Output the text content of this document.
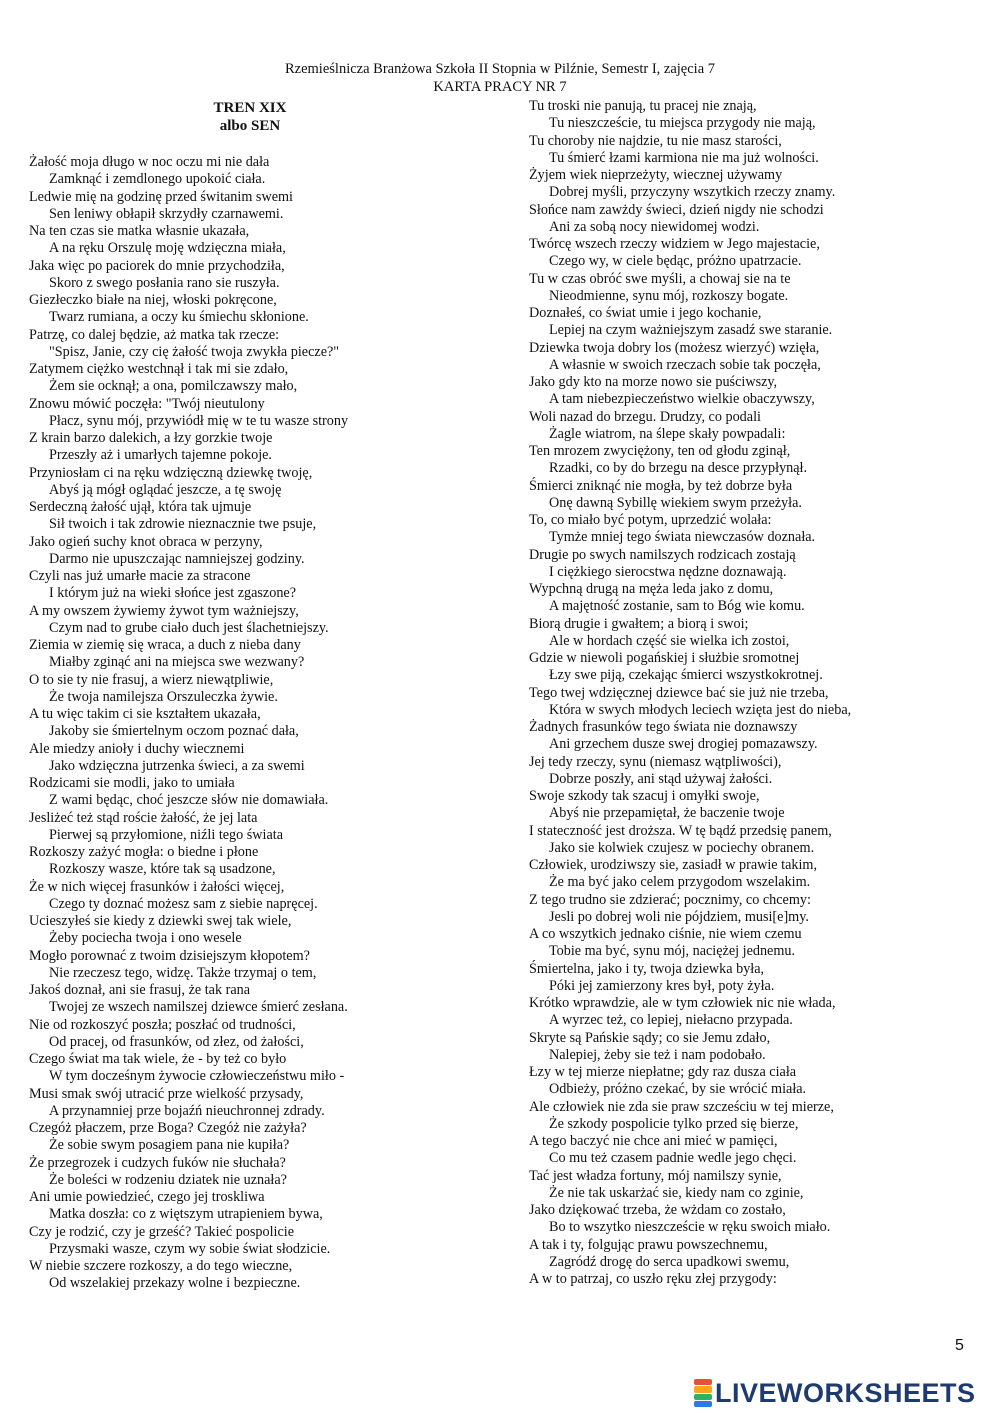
Rzemieślnicza Branżowa Szkoła II Stopnia w Pilźnie, Semestr I, zajęcia 7
KARTA PRACY NR 7
TREN XIX
albo SEN
Żałość moja długo w noc oczu mi nie dała
Zamknąć i zemdlonego upokoić ciała.
Ledwie mię na godzinę przed świtanim swemi
Sen leniwy obłapił skrzydły czarnawemi.
Na ten czas sie matka własnie ukazała,
A na ręku Orszulę moję wdzięczna miała,
Jaka więc po paciorek do mnie przychodziła,
Skoro z swego posłania rano sie ruszyła.
Giezłeczko białe na niej, włoski pokręcone,
Twarz rumiana, a oczy ku śmiechu skłonione.
Patrzę, co dalej będzie, aż matka tak rzecze:
"Spisz, Janie, czy cię żałość twoja zwykła piecze?"
Zatymem ciężko westchnął i tak mi sie zdało,
Żem sie ocknął; a ona, pomilczawszy mało,
Znowu mówić poczęła: "Twój nieutulony
Płacz, synu mój, przywiódł mię w te tu wasze strony
Z krain barzo dalekich, a łzy gorzkie twoje
Przeszły aż i umarłych tajemne pokoje.
Przyniosłam ci na ręku wdzięczną dziewkę twoję,
Abyś ją mógł oglądać jeszcze, a tę swoję
Serdeczną żałość ujął, która tak ujmuje
Sił twoich i tak zdrowie nieznacznie twe psuje,
Jako ogień suchy knot obraca w perzyny,
Darmo nie upuszczając namniejszej godziny.
Czyli nas już umarłe macie za stracone
I którym już na wieki słońce jest zgaszone?
A my owszem żywiemy żywot tym ważniejszy,
Czym nad to grube ciało duch jest ślachetniejszy.
Ziemia w ziemię się wraca, a duch z nieba dany
Miałby zginąć ani na miejsca swe wezwany?
O to sie ty nie frasuj, a wierz niewątpliwie,
Że twoja namilejsza Orszuleczka żywie.
A tu więc takim ci sie kształtem ukazała,
Jakoby sie śmiertelnym oczom poznać dała,
Ale miedzy anioły i duchy wiecznemi
Jako wdzięczna jutrzenka świeci, a za swemi
Rodzicami sie modli, jako to umiała
Z wami będąc, choć jeszcze słów nie domawiała.
Jesliżeć też stąd roście żałość, że jej lata
Pierwej są przyłomione, niźli tego świata
Rozkoszy zażyć mogła: o biedne i płone
Rozkoszy wasze, które tak są usadzone,
Że w nich więcej frasunków i żałości więcej,
Czego ty doznać możesz sam z siebie napręcej.
Ucieszyłeś sie kiedy z dziewki swej tak wiele,
Żeby pociecha twoja i ono wesele
Mogło porownać z twoim dzisiejszym kłopotem?
Nie rzeczesz tego, widzę. Także trzymaj o tem,
Jakoś doznał, ani sie frasuj, że tak rana
Twojej ze wszech namilszej dziewce śmierć zesłana.
Nie od rozkoszyć poszła; poszłać od trudności,
Od pracej, od frasunków, od złez, od żałości,
Czego świat ma tak wiele, że - by też co było
W tym docześnym żywocie człowieczeństwu miło -
Musi smak swój utracić prze wielkość przysady,
A przynamniej prze bojaźń nieuchronnej zdrady.
Czegóż płaczem, prze Boga? Czegóż nie zażyła?
Że sobie swym posagiem pana nie kupiła?
Że przegrozek i cudzych fuków nie słuchała?
Że boleści w rodzeniu dziatek nie uznała?
Ani umie powiedzieć, czego jej troskliwa
Matka doszła: co z więtszym utrapieniem bywa,
Czy je rodzić, czy je grześć? Takieć pospolicie
Przysmaki wasze, czym wy sobie świat słodzicie.
W niebie szczere rozkoszy, a do tego wieczne,
Od wszelakiej przekazy wolne i bezpieczne.
Tu troski nie panują, tu pracej nie znają,
Tu nieszczeście, tu miejsca przygody nie mają,
Tu choroby nie najdzie, tu nie masz starości,
Tu śmierć łzami karmiona nie ma już wolności.
Żyjem wiek nieprzeżyty, wiecznej używamy
Dobrej myśli, przyczyny wszytkich rzeczy znamy.
Słońce nam zawżdy świeci, dzień nigdy nie schodzi
Ani za sobą nocy niewidomej wodzi.
Twórcę wszech rzeczy widziem w Jego majestacie,
Czego wy, w ciele będąc, próżno upatrzacie.
Tu w czas obróć swe myśli, a chowaj sie na te
Nieodmienne, synu mój, rozkoszy bogate.
Doznałeś, co świat umie i jego kochanie,
Lepiej na czym ważniejszym zasadź swe staranie.
Dziewka twoja dobry los (możesz wierzyć) wzięła,
A własnie w swoich rzeczach sobie tak poczęła,
Jako gdy kto na morze nowo sie puściwszy,
A tam niebezpieczeństwo wielkie obaczywszy,
Woli nazad do brzegu. Drudzy, co podali
Żagle wiatrom, na ślepe skały powpadali:
Ten mrozem zwyciężony, ten od głodu zginął,
Rzadki, co by do brzegu na desce przypłynął.
Śmierci zniknąć nie mogła, by też dobrze była
Onę dawną Sybillę wiekiem swym przeżyła.
To, co miało być potym, uprzedzić wolała:
Tymże mniej tego świata niewczasów doznała.
Drugie po swych namilszych rodzicach zostają
I ciężkiego sierocstwa nędzne doznawają.
Wypchną drugą na męża leda jako z domu,
A majętność zostanie, sam to Bóg wie komu.
Biorą drugie i gwałtem; a biorą i swoi;
Ale w hordach część sie wielka ich zostoi,
Gdzie w niewoli pogańskiej i służbie sromotnej
Łzy swe piją, czekając śmierci wszystkokrotnej.
Tego twej wdzięcznej dziewce bać sie już nie trzeba,
Która w swych młodych leciech wzięta jest do nieba,
Żadnych frasunków tego świata nie doznawszy
Ani grzechem dusze swej drogiej pomazawszy.
Jej tedy rzeczy, synu (niemasz wątpliwości),
Dobrze poszły, ani stąd używaj żałości.
Swoje szkody tak szacuj i omyłki swoje,
Abyś nie przepamiętał, że baczenie twoje
I stateczność jest droższa. W tę bądź przedsię panem,
Jako sie kolwiek czujesz w pociechy obranem.
Człowiek, urodziwszy sie, zasiadł w prawie takim,
Że ma być jako celem przygodom wszelakim.
Z tego trudno sie zdzierać; pocznimy, co chcemy:
Jesli po dobrej woli nie pójdziem, musi[e]my.
A co wszytkich jednako ciśnie, nie wiem czemu
Tobie ma być, synu mój, naciężej jednemu.
Śmiertelna, jako i ty, twoja dziewka była,
Póki jej zamierzony kres był, poty żyła.
Krótko wprawdzie, ale w tym człowiek nic nie włada,
A wyrzec też, co lepiej, niełacno przypada.
Skryte są Pańskie sądy; co sie Jemu zdało,
Nalepiej, żeby sie też i nam podobało.
Łzy w tej mierze niepłatne; gdy raz dusza ciała
Odbieży, próżno czekać, by sie wrócić miała.
Ale człowiek nie zda sie praw szcześciu w tej mierze,
Że szkody pospolicie tylko przed się bierze,
A tego baczyć nie chce ani mieć w pamięci,
Co mu też czasem padnie wedle jego chęci.
Tać jest władza fortuny, mój namilszy synie,
Że nie tak uskarżać sie, kiedy nam co zginie,
Jako dziękować trzeba, że wżdam co zostało,
Bo to wszytko nieszczeście w ręku swoich miało.
A tak i ty, folgując prawu powszechnemu,
Zagródź drogę do serca upadkowi swemu,
A w to patrzaj, co uszło ręku złej przygody:
5
LIVEWORKSHEETS
